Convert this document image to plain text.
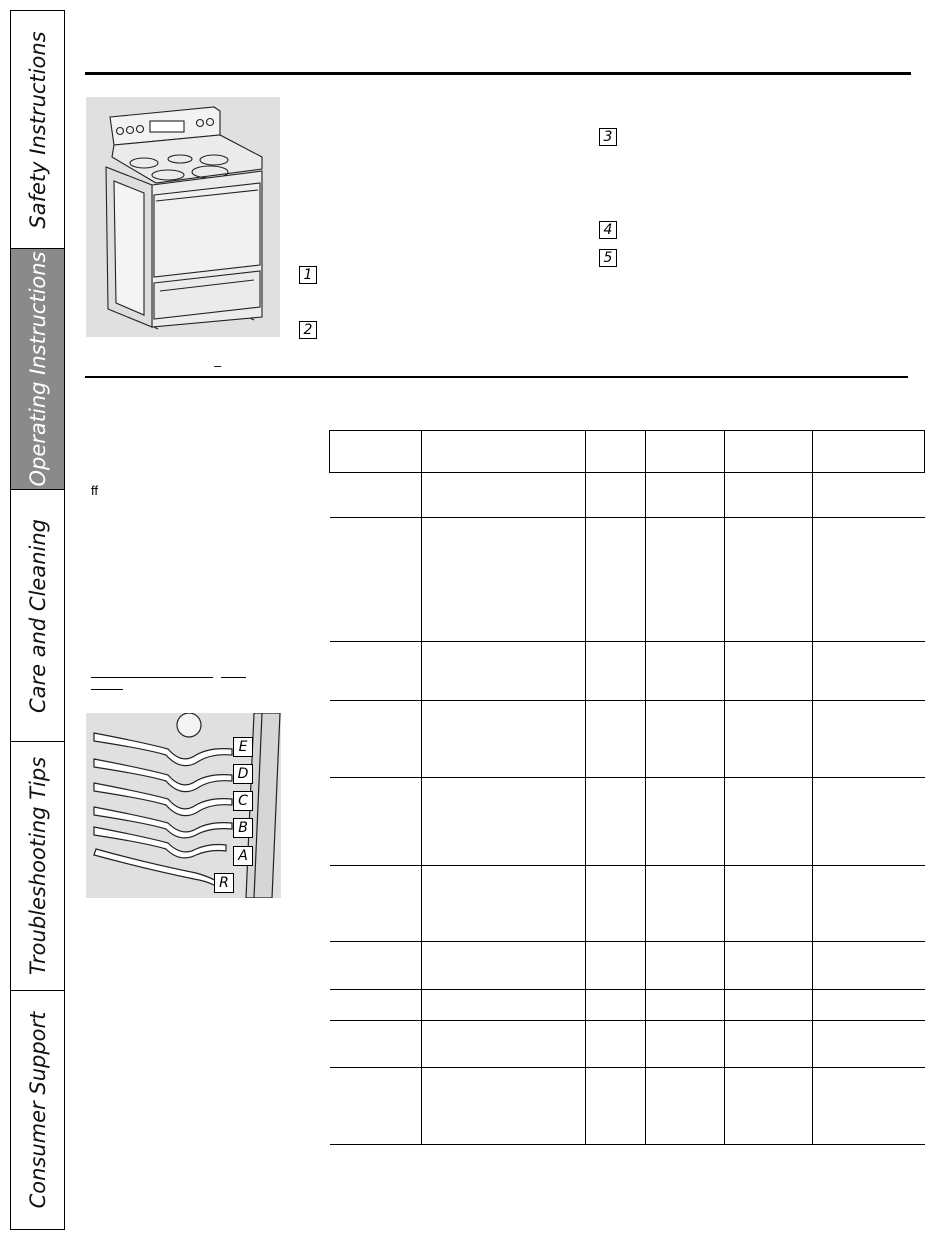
Safety Instructions
Operating Instructions
Care and Cleaning
Troubleshooting Tips
Consumer Support
1
2
3
4
5
–
ff
E
D
C
B
A
R
